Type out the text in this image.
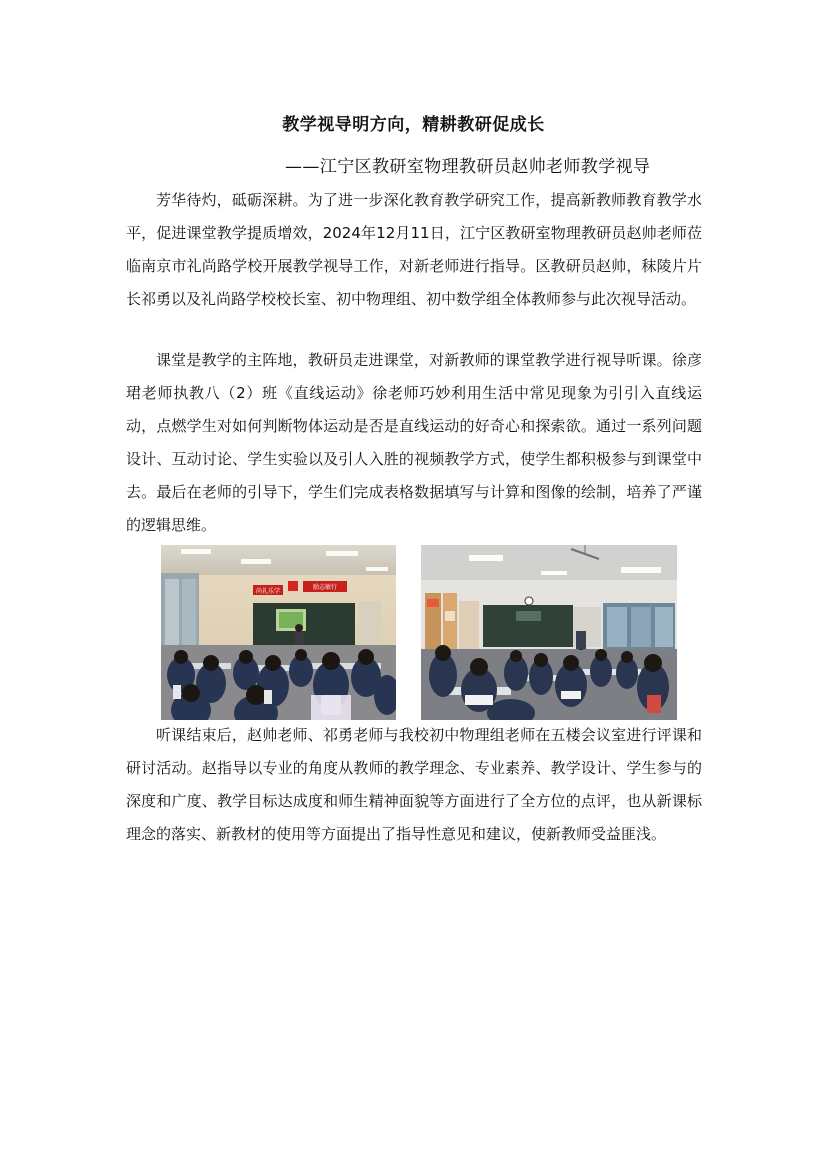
教学视导明方向，精耕教研促成长
——江宁区教研室物理教研员赵帅老师教学视导

芳华待灼，砥砺深耕。为了进一步深化教育教学研究工作，提高新教师教育教学水平，促进课堂教学提质增效，2024年12月11日，江宁区教研室物理教研员赵帅老师莅临南京市礼尚路学校开展教学视导工作，对新老师进行指导。区教研员赵帅，秣陵片片长祁勇以及礼尚路学校校长室、初中物理组、初中数学组全体教师参与此次视导活动。

课堂是教学的主阵地，教研员走进课堂，对新教师的课堂教学进行视导听课。徐彦珺老师执教八（2）班《直线运动》徐老师巧妙利用生活中常见现象为引引入直线运动，点燃学生对如何判断物体运动是否是直线运动的好奇心和探索欲。通过一系列问题设计、互动讨论、学生实验以及引人入胜的视频教学方式，使学生都积极参与到课堂中去。最后在老师的引导下，学生们完成表格数据填写与计算和图像的绘制，培养了严谨的逻辑思维。

尚礼乐学
励志敏行

听课结束后，赵帅老师、祁勇老师与我校初中物理组老师在五楼会议室进行评课和研讨活动。赵指导以专业的角度从教师的教学理念、专业素养、教学设计、学生参与的深度和广度、教学目标达成度和师生精神面貌等方面进行了全方位的点评，也从新课标理念的落实、新教材的使用等方面提出了指导性意见和建议，使新教师受益匪浅。
